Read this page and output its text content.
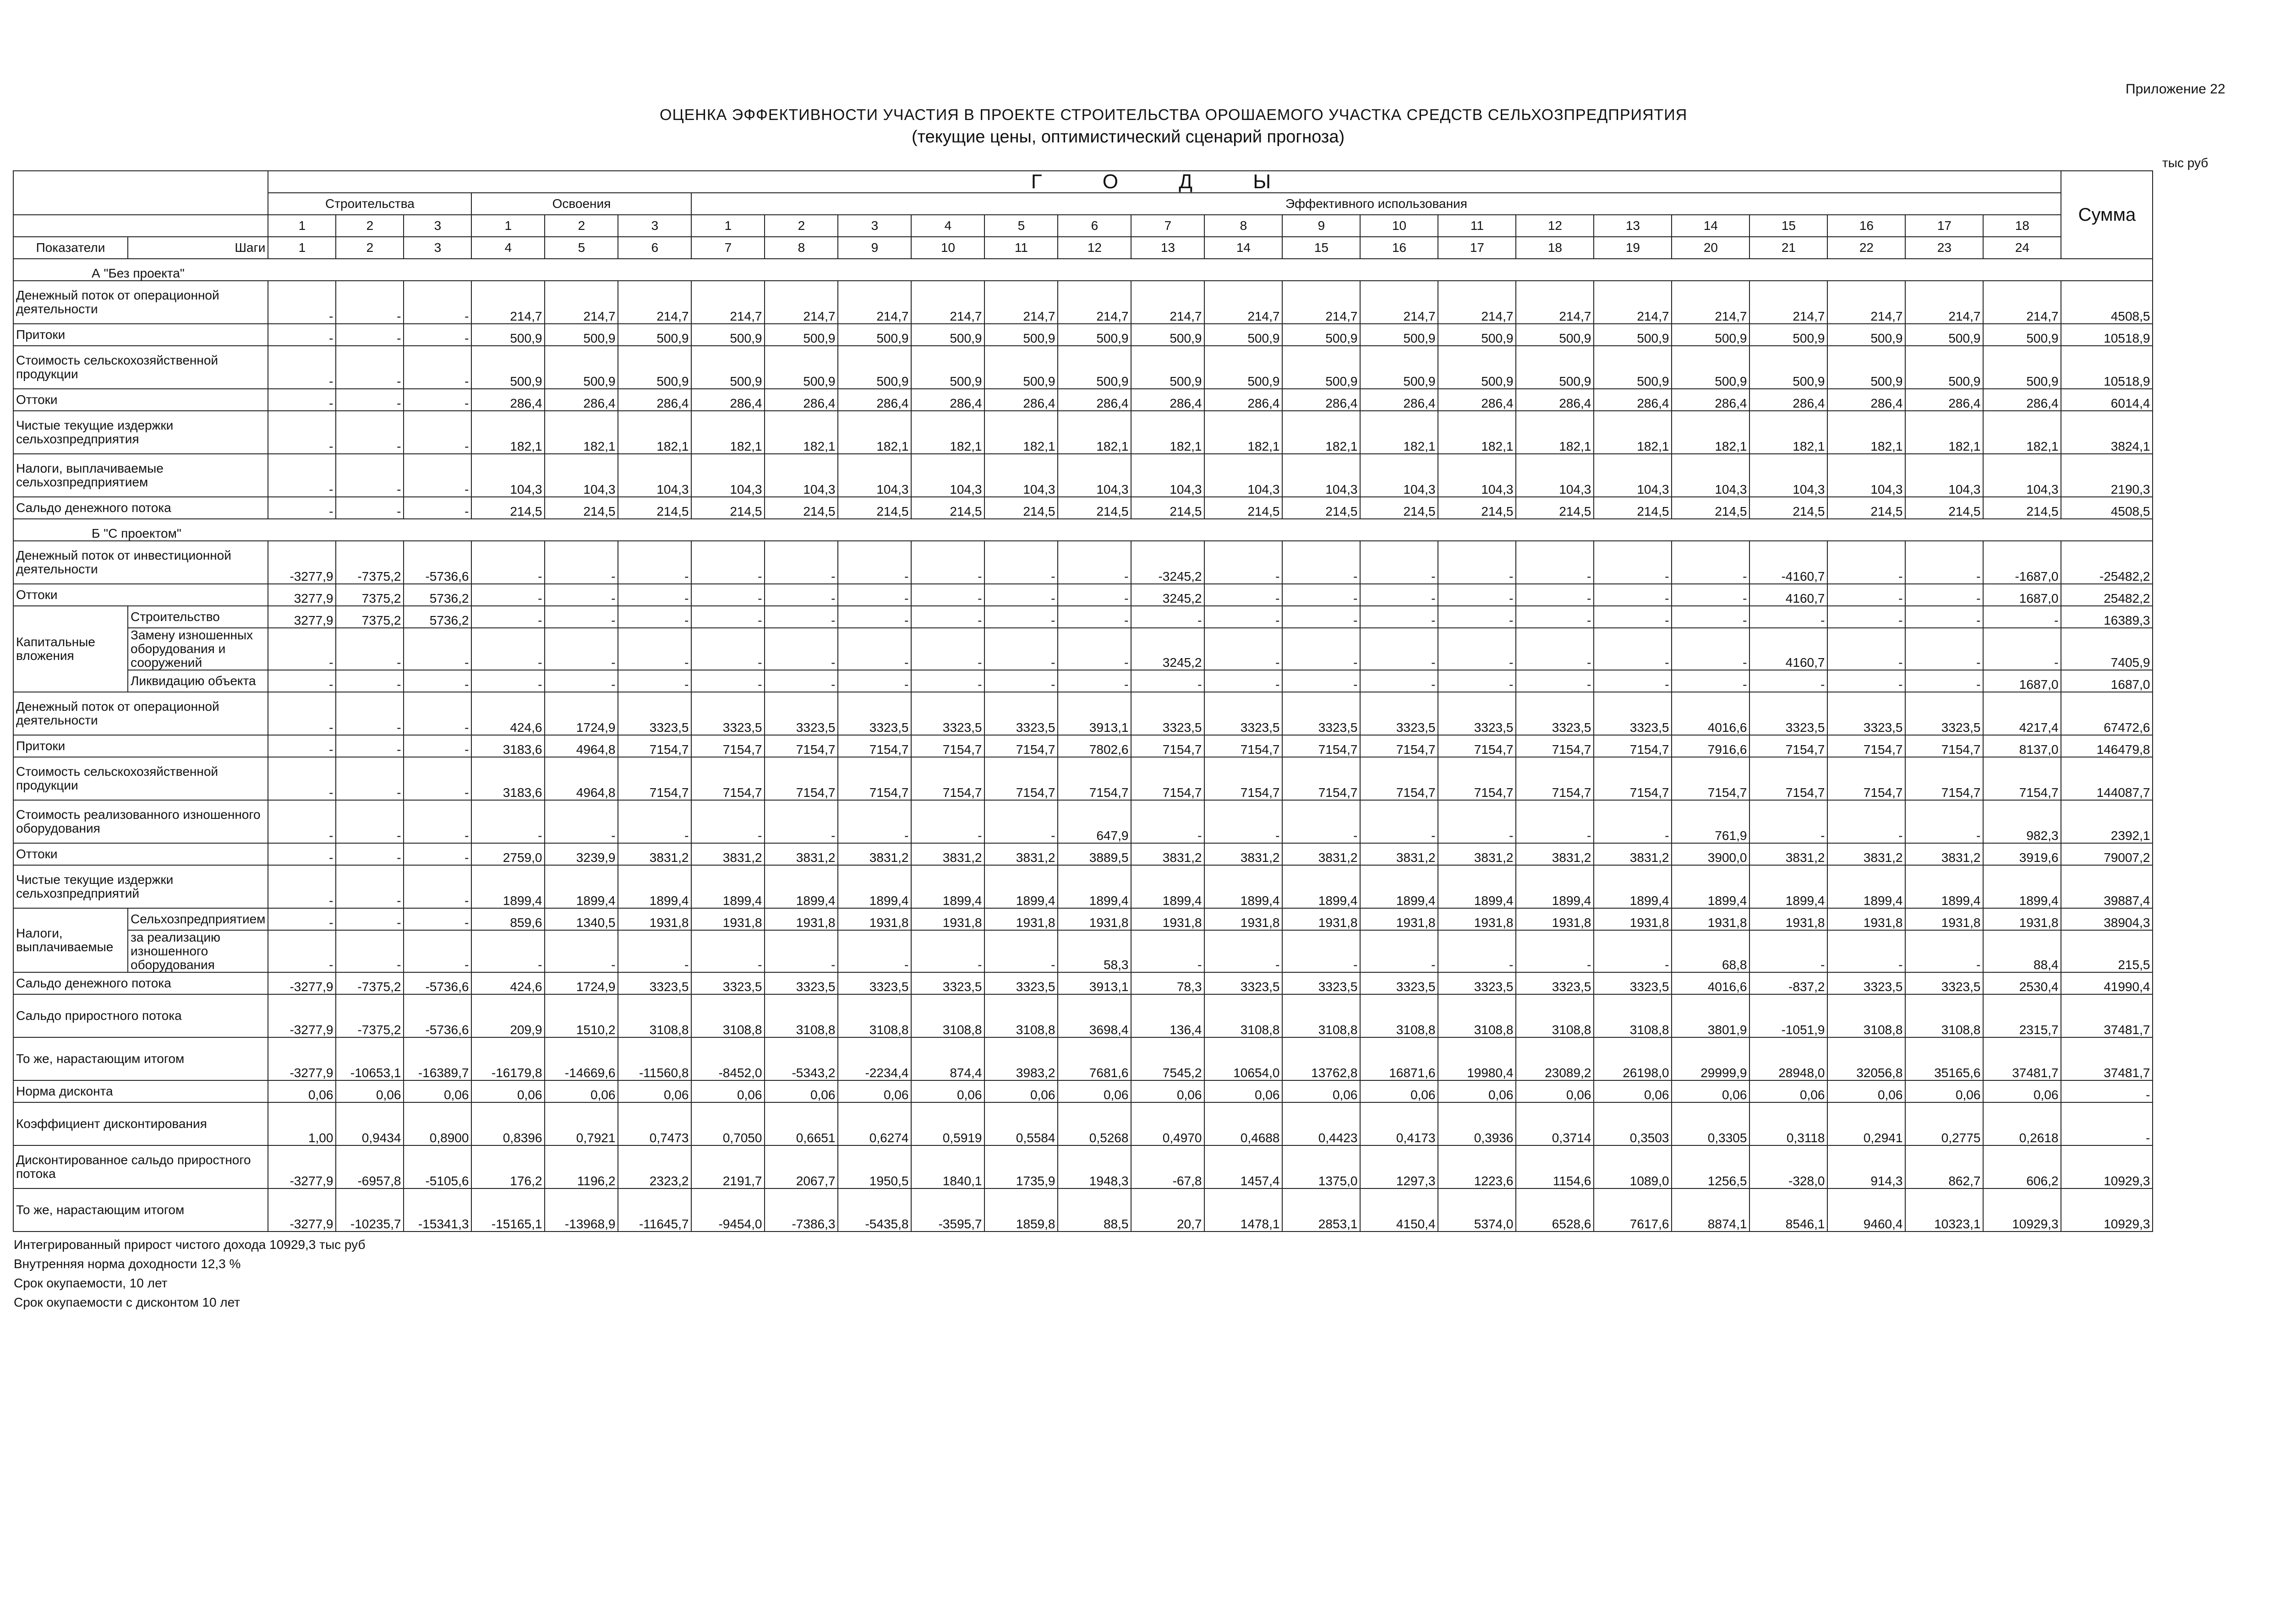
Приложение 22
ОЦЕНКА ЭФФЕКТИВНОСТИ УЧАСТИЯ В ПРОЕКТЕ СТРОИТЕЛЬСТВА ОРОШАЕМОГО УЧАСТКА СРЕДСТВ СЕЛЬХОЗПРЕДПРИЯТИЯ
(текущие цены, оптимистический сценарий прогноза)
тыс руб
		Г О Д Ы																								Сумма
		Строительства			Освоения			Эффективного использования																		
		1	2	3	1	2	3	1	2	3	4	5	6	7	8	9	10	11	12	13	14	15	16	17	18	
Показатели	Шаги	1	2	3	4	5	6	7	8	9	10	11	12	13	14	15	16	17	18	19	20	21	22	23	24	
А "Без проекта"																										
Денежный поток от операционной деятельности		-	-	-	214,7	214,7	214,7	214,7	214,7	214,7	214,7	214,7	214,7	214,7	214,7	214,7	214,7	214,7	214,7	214,7	214,7	214,7	214,7	214,7	214,7	4508,5
Притоки		-	-	-	500,9	500,9	500,9	500,9	500,9	500,9	500,9	500,9	500,9	500,9	500,9	500,9	500,9	500,9	500,9	500,9	500,9	500,9	500,9	500,9	500,9	10518,9
Стоимость сельскохозяйственной продукции		-	-	-	500,9	500,9	500,9	500,9	500,9	500,9	500,9	500,9	500,9	500,9	500,9	500,9	500,9	500,9	500,9	500,9	500,9	500,9	500,9	500,9	500,9	10518,9
Оттоки		-	-	-	286,4	286,4	286,4	286,4	286,4	286,4	286,4	286,4	286,4	286,4	286,4	286,4	286,4	286,4	286,4	286,4	286,4	286,4	286,4	286,4	286,4	6014,4
Чистые текущие издержки сельхозпредприятия		-	-	-	182,1	182,1	182,1	182,1	182,1	182,1	182,1	182,1	182,1	182,1	182,1	182,1	182,1	182,1	182,1	182,1	182,1	182,1	182,1	182,1	182,1	3824,1
Налоги, выплачиваемые сельхозпредприятием		-	-	-	104,3	104,3	104,3	104,3	104,3	104,3	104,3	104,3	104,3	104,3	104,3	104,3	104,3	104,3	104,3	104,3	104,3	104,3	104,3	104,3	104,3	2190,3
Сальдо денежного потока		-	-	-	214,5	214,5	214,5	214,5	214,5	214,5	214,5	214,5	214,5	214,5	214,5	214,5	214,5	214,5	214,5	214,5	214,5	214,5	214,5	214,5	214,5	4508,5
Б "С проектом"																										
Денежный поток от инвестиционной деятельности		-3277,9	-7375,2	-5736,6	-	-	-	-	-	-	-	-	-	-3245,2	-	-	-	-	-	-	-	-4160,7	-	-	-1687,0	-25482,2
Оттоки		3277,9	7375,2	5736,2	-	-	-	-	-	-	-	-	-	3245,2	-	-	-	-	-	-	-	4160,7	-	-	1687,0	25482,2
Капитальные вложения	Строительство	3277,9	7375,2	5736,2	-	-	-	-	-	-	-	-	-	-	-	-	-	-	-	-	-	-	-	-	-	16389,3
	Замену изношенных оборудования и сооружений	-	-	-	-	-	-	-	-	-	-	-	-	3245,2	-	-	-	-	-	-	-	4160,7	-	-	-	7405,9
	Ликвидацию объекта	-	-	-	-	-	-	-	-	-	-	-	-	-	-	-	-	-	-	-	-	-	-	-	1687,0	1687,0
Денежный поток от операционной деятельности		-	-	-	424,6	1724,9	3323,5	3323,5	3323,5	3323,5	3323,5	3323,5	3913,1	3323,5	3323,5	3323,5	3323,5	3323,5	3323,5	3323,5	4016,6	3323,5	3323,5	3323,5	4217,4	67472,6
Притоки		-	-	-	3183,6	4964,8	7154,7	7154,7	7154,7	7154,7	7154,7	7154,7	7802,6	7154,7	7154,7	7154,7	7154,7	7154,7	7154,7	7154,7	7916,6	7154,7	7154,7	7154,7	8137,0	146479,8
Стоимость сельскохозяйственной продукции		-	-	-	3183,6	4964,8	7154,7	7154,7	7154,7	7154,7	7154,7	7154,7	7154,7	7154,7	7154,7	7154,7	7154,7	7154,7	7154,7	7154,7	7154,7	7154,7	7154,7	7154,7	7154,7	144087,7
Стоимость реализованного изношенного оборудования		-	-	-	-	-	-	-	-	-	-	-	647,9	-	-	-	-	-	-	-	761,9	-	-	-	982,3	2392,1
Оттоки		-	-	-	2759,0	3239,9	3831,2	3831,2	3831,2	3831,2	3831,2	3831,2	3889,5	3831,2	3831,2	3831,2	3831,2	3831,2	3831,2	3831,2	3900,0	3831,2	3831,2	3831,2	3919,6	79007,2
Чистые текущие издержки сельхозпредприятий		-	-	-	1899,4	1899,4	1899,4	1899,4	1899,4	1899,4	1899,4	1899,4	1899,4	1899,4	1899,4	1899,4	1899,4	1899,4	1899,4	1899,4	1899,4	1899,4	1899,4	1899,4	1899,4	39887,4
Налоги, выплачиваемые	Сельхозпредприятием	-	-	-	859,6	1340,5	1931,8	1931,8	1931,8	1931,8	1931,8	1931,8	1931,8	1931,8	1931,8	1931,8	1931,8	1931,8	1931,8	1931,8	1931,8	1931,8	1931,8	1931,8	1931,8	38904,3
	за реализацию изношенного оборудования	-	-	-	-	-	-	-	-	-	-	-	58,3	-	-	-	-	-	-	-	68,8	-	-	-	88,4	215,5
Сальдо денежного потока		-3277,9	-7375,2	-5736,6	424,6	1724,9	3323,5	3323,5	3323,5	3323,5	3323,5	3323,5	3913,1	78,3	3323,5	3323,5	3323,5	3323,5	3323,5	3323,5	4016,6	-837,2	3323,5	3323,5	2530,4	41990,4
Сальдо приростного потока		-3277,9	-7375,2	-5736,6	209,9	1510,2	3108,8	3108,8	3108,8	3108,8	3108,8	3108,8	3698,4	136,4	3108,8	3108,8	3108,8	3108,8	3108,8	3108,8	3801,9	-1051,9	3108,8	3108,8	2315,7	37481,7
То же, нарастающим итогом		-3277,9	-10653,1	-16389,7	-16179,8	-14669,6	-11560,8	-8452,0	-5343,2	-2234,4	874,4	3983,2	7681,6	7545,2	10654,0	13762,8	16871,6	19980,4	23089,2	26198,0	29999,9	28948,0	32056,8	35165,6	37481,7	37481,7
Норма дисконта		0,06	0,06	0,06	0,06	0,06	0,06	0,06	0,06	0,06	0,06	0,06	0,06	0,06	0,06	0,06	0,06	0,06	0,06	0,06	0,06	0,06	0,06	0,06	0,06	-
Коэффициент дисконтирования		1,00	0,9434	0,8900	0,8396	0,7921	0,7473	0,7050	0,6651	0,6274	0,5919	0,5584	0,5268	0,4970	0,4688	0,4423	0,4173	0,3936	0,3714	0,3503	0,3305	0,3118	0,2941	0,2775	0,2618	-
Дисконтированное сальдо приростного потока		-3277,9	-6957,8	-5105,6	176,2	1196,2	2323,2	2191,7	2067,7	1950,5	1840,1	1735,9	1948,3	-67,8	1457,4	1375,0	1297,3	1223,6	1154,6	1089,0	1256,5	-328,0	914,3	862,7	606,2	10929,3
То же, нарастающим итогом		-3277,9	-10235,7	-15341,3	-15165,1	-13968,9	-11645,7	-9454,0	-7386,3	-5435,8	-3595,7	1859,8	88,5	20,7	1478,1	2853,1	4150,4	5374,0	6528,6	7617,6	8874,1	8546,1	9460,4	10323,1	10929,3	10929,3
Интегрированный прирост чистого дохода 10929,3 тыс руб
Внутренняя норма доходности 12,3 %
Срок окупаемости, 10 лет
Срок окупаемости с дисконтом 10 лет
